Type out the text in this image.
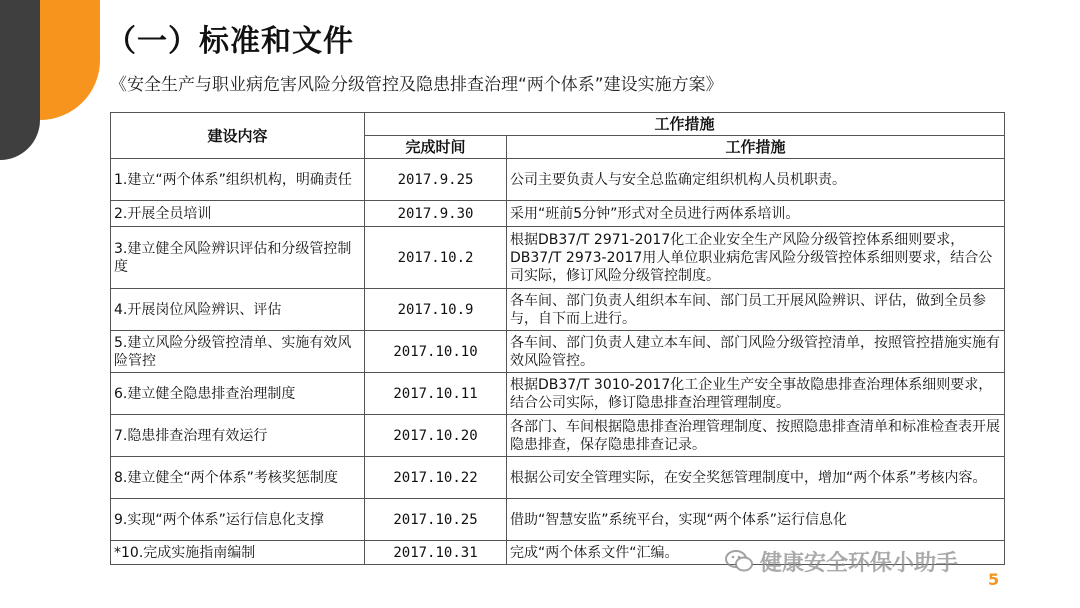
（一）标准和文件
《安全生产与职业病危害风险分级管控及隐患排查治理“两个体系”建设实施方案》
建设内容	工作措施	
	完成时间	工作措施
1.建立“两个体系”组织机构，明确责任	2017.9.25	公司主要负责人与安全总监确定组织机构人员机职责。
2.开展全员培训	2017.9.30	采用“班前5分钟”形式对全员进行两体系培训。
3.建立健全风险辨识评估和分级管控制度	2017.10.2	根据DB37/T 2971-2017化工企业安全生产风险分级管控体系细则要求，DB37/T 2973-2017用人单位职业病危害风险分级管控体系细则要求，结合公司实际，修订风险分级管控制度。
4.开展岗位风险辨识、评估	2017.10.9	各车间、部门负责人组织本车间、部门员工开展风险辨识、评估，做到全员参与，自下而上进行。
5.建立风险分级管控清单、实施有效风险管控	2017.10.10	各车间、部门负责人建立本车间、部门风险分级管控清单，按照管控措施实施有效风险管控。
6.建立健全隐患排查治理制度	2017.10.11	根据DB37/T 3010-2017化工企业生产安全事故隐患排查治理体系细则要求，结合公司实际，修订隐患排查治理管理制度。
7.隐患排查治理有效运行	2017.10.20	各部门、车间根据隐患排查治理管理制度、按照隐患排查清单和标准检查表开展隐患排查，保存隐患排查记录。
8.建立健全“两个体系”考核奖惩制度	2017.10.22	根据公司安全管理实际，在安全奖惩管理制度中，增加“两个体系”考核内容。
9.实现“两个体系”运行信息化支撑	2017.10.25	借助“智慧安监”系统平台，实现“两个体系”运行信息化
*10.完成实施指南编制	2017.10.31	完成“两个体系文件“汇编。	健康安全环保小助手
5
